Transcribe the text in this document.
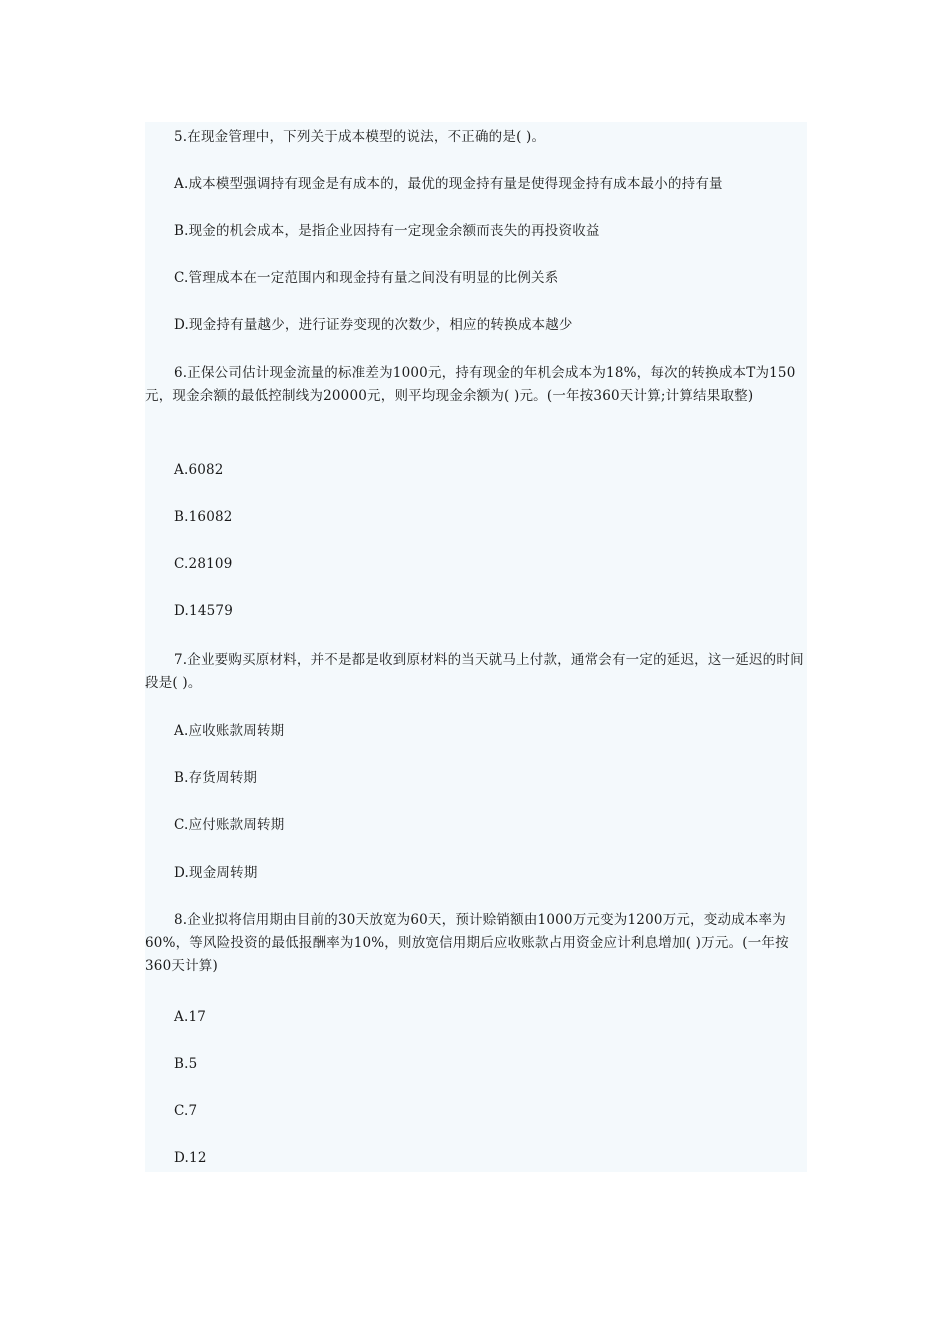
5.在现金管理中，下列关于成本模型的说法，不正确的是( )。

A.成本模型强调持有现金是有成本的，最优的现金持有量是使得现金持有成本最小的持有量

B.现金的机会成本，是指企业因持有一定现金余额而丧失的再投资收益

C.管理成本在一定范围内和现金持有量之间没有明显的比例关系

D.现金持有量越少，进行证券变现的次数少，相应的转换成本越少

6.正保公司估计现金流量的标准差为1000元，持有现金的年机会成本为18%，每次的转换成本T为150元，现金余额的最低控制线为20000元，则平均现金余额为( )元。(一年按360天计算;计算结果取整)

A.6082

B.16082

C.28109

D.14579

7.企业要购买原材料，并不是都是收到原材料的当天就马上付款，通常会有一定的延迟，这一延迟的时间段是( )。

A.应收账款周转期

B.存货周转期

C.应付账款周转期

D.现金周转期

8.企业拟将信用期由目前的30天放宽为60天，预计赊销额由1000万元变为1200万元，变动成本率为60%，等风险投资的最低报酬率为10%，则放宽信用期后应收账款占用资金应计利息增加( )万元。(一年按360天计算)

A.17

B.5

C.7

D.12
